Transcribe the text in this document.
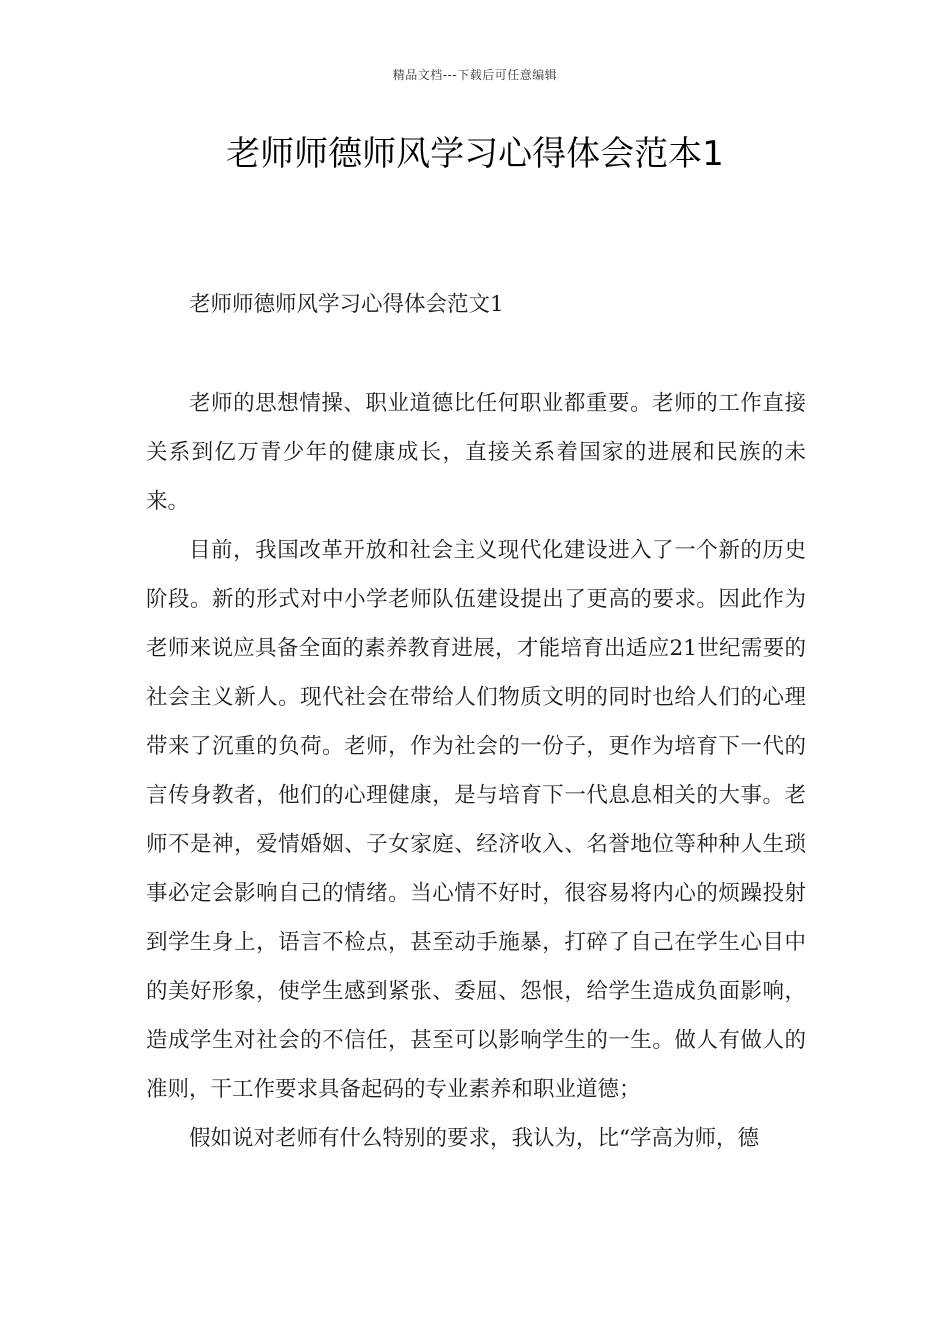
精品文档---下载后可任意编辑
老师师德师风学习心得体会范本1

老师师德师风学习心得体会范文1

老师的思想情操、职业道德比任何职业都重要。老师的工作直接关系到亿万青少年的健康成长，直接关系着国家的进展和民族的未来。

目前，我国改革开放和社会主义现代化建设进入了一个新的历史阶段。新的形式对中小学老师队伍建设提出了更高的要求。因此作为老师来说应具备全面的素养教育进展，才能培育出适应21世纪需要的社会主义新人。现代社会在带给人们物质文明的同时也给人们的心理带来了沉重的负荷。老师，作为社会的一份子，更作为培育下一代的言传身教者，他们的心理健康，是与培育下一代息息相关的大事。老师不是神，爱情婚姻、子女家庭、经济收入、名誉地位等种种人生琐事必定会影响自己的情绪。当心情不好时，很容易将内心的烦躁投射到学生身上，语言不检点，甚至动手施暴，打碎了自己在学生心目中的美好形象，使学生感到紧张、委屈、怨恨，给学生造成负面影响，造成学生对社会的不信任，甚至可以影响学生的一生。做人有做人的准则，干工作要求具备起码的专业素养和职业道德；

假如说对老师有什么特别的要求，我认为，比“学高为师，德
